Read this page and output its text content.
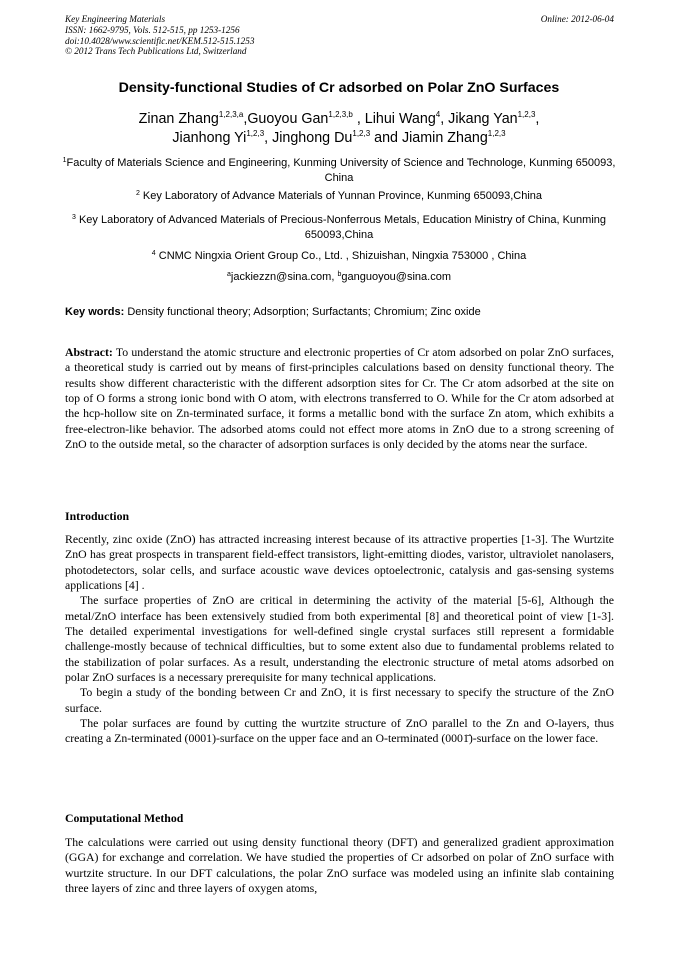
Key Engineering Materials
ISSN: 1662-9795, Vols. 512-515, pp 1253-1256
doi:10.4028/www.scientific.net/KEM.512-515.1253
© 2012 Trans Tech Publications Ltd, Switzerland
Online: 2012-06-04
Density-functional Studies of Cr adsorbed on Polar ZnO Surfaces
Zinan Zhang$^{1,2,3,a}$,Guoyou Gan$^{1,2,3,b}$ , Lihui Wang$^4$, Jikang Yan$^{1,2,3}$,
Jianhong Yi$^{1,2,3}$, Jinghong Du$^{1,2,3}$ and Jiamin Zhang$^{1,2,3}$
$^1$Faculty of Materials Science and Engineering, Kunming University of Science and Technologe, Kunming 650093, China
$^2$ Key Laboratory of Advance Materials of Yunnan Province, Kunming 650093,China
$^3$ Key Laboratory of Advanced Materials of Precious-Nonferrous Metals, Education Ministry of China, Kunming 650093,China
$^4$ CNMC Ningxia Orient Group Co., Ltd. , Shizuishan, Ningxia 753000 , China
$^a$jackiezzn@sina.com, $^b$ganguoyou@sina.com
Key words: Density functional theory; Adsorption; Surfactants; Chromium; Zinc oxide

Abstract: To understand the atomic structure and electronic properties of Cr atom adsorbed on polar ZnO surfaces, a theoretical study is carried out by means of first-principles calculations based on density functional theory. The results show different characteristic with the different adsorption sites for Cr. The Cr atom adsorbed at the site on top of O forms a strong ionic bond with O atom, with electrons transferred to O. While for the Cr atom adsorbed at the hcp-hollow site on Zn-terminated surface, it forms a metallic bond with the surface Zn atom, which exhibits a free-electron-like behavior. The adsorbed atoms could not effect more atoms in ZnO due to a strong screening of ZnO to the outside metal, so the character of adsorption surfaces is only decided by the atoms near the surface.

Introduction

Recently, zinc oxide (ZnO) has attracted increasing interest because of its attractive properties [1-3]. The Wurtzite ZnO has great prospects in transparent field-effect transistors, light-emitting diodes, varistor, ultraviolet nanolasers, photodetectors, solar cells, and surface acoustic wave devices optoelectronic, catalysis and gas-sensing systems applications [4] .

The surface properties of ZnO are critical in determining the activity of the material [5-6], Although the metal/ZnO interface has been extensively studied from both experimental [8] and theoretical point of view [1-3]. The detailed experimental investigations for well-defined single crystal surfaces still represent a formidable challenge-mostly because of technical difficulties, but to some extent also due to fundamental problems related to the stabilization of polar surfaces. As a result, understanding the electronic structure of metal atoms adsorbed on polar ZnO surfaces is a necessary prerequisite for many technical applications.

To begin a study of the bonding between Cr and ZnO, it is first necessary to specify the structure of the ZnO surface.

The polar surfaces are found by cutting the wurtzite structure of ZnO parallel to the Zn and O-layers, thus creating a Zn-terminated (0001)-surface on the upper face and an O-terminated (0001̄)-surface on the lower face.

Computational Method

The calculations were carried out using density functional theory (DFT) and generalized gradient approximation (GGA) for exchange and correlation. We have studied the properties of Cr adsorbed on polar of ZnO surface with wurtzite structure. In our DFT calculations, the polar ZnO surface was modeled using an infinite slab containing three layers of zinc and three layers of oxygen atoms,
